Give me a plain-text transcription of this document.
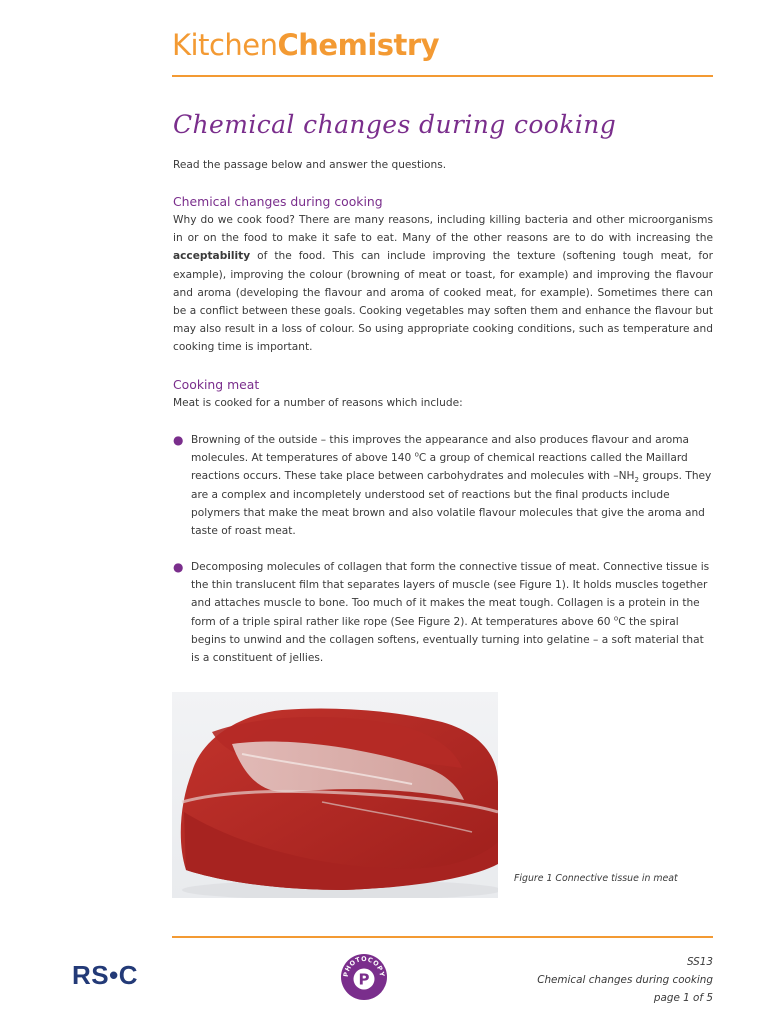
KitchenChemistry
Chemical changes during cooking
Read the passage below and answer the questions.
Chemical changes during cooking
Why do we cook food? There are many reasons, including killing bacteria and other microorganisms in or on the food to make it safe to eat. Many of the other reasons are to do with increasing the acceptability of the food. This can include improving the texture (softening tough meat, for example), improving the colour (browning of meat or toast, for example) and improving the flavour and aroma (developing the flavour and aroma of cooked meat, for example). Sometimes there can be a conflict between these goals. Cooking vegetables may soften them and enhance the flavour but may also result in a loss of colour. So using appropriate cooking conditions, such as temperature and cooking time is important.
Cooking meat
Meat is cooked for a number of reasons which include:
● Browning of the outside – this improves the appearance and also produces flavour and aroma molecules. At temperatures of above 140 $^o$C a group of chemical reactions called the Maillard reactions occurs. These take place between carbohydrates and molecules with $-NH_2$ groups. They are a complex and incompletely understood set of reactions but the final products include polymers that make the meat brown and also volatile flavour molecules that give the aroma and taste of roast meat.
● Decomposing molecules of collagen that form the connective tissue of meat. Connective tissue is the thin translucent film that separates layers of muscle (see Figure 1). It holds muscles together and attaches muscle to bone. Too much of it makes the meat tough. Collagen is a protein in the form of a triple spiral rather like rope (See Figure 2). At temperatures above 60 $^o$C the spiral begins to unwind and the collagen softens, eventually turning into gelatine – a soft material that is a constituent of jellies.
Figure 1 Connective tissue in meat
RS•C	PHOTOCOPY
P
SS13
Chemical changes during cooking
page 1 of 5
